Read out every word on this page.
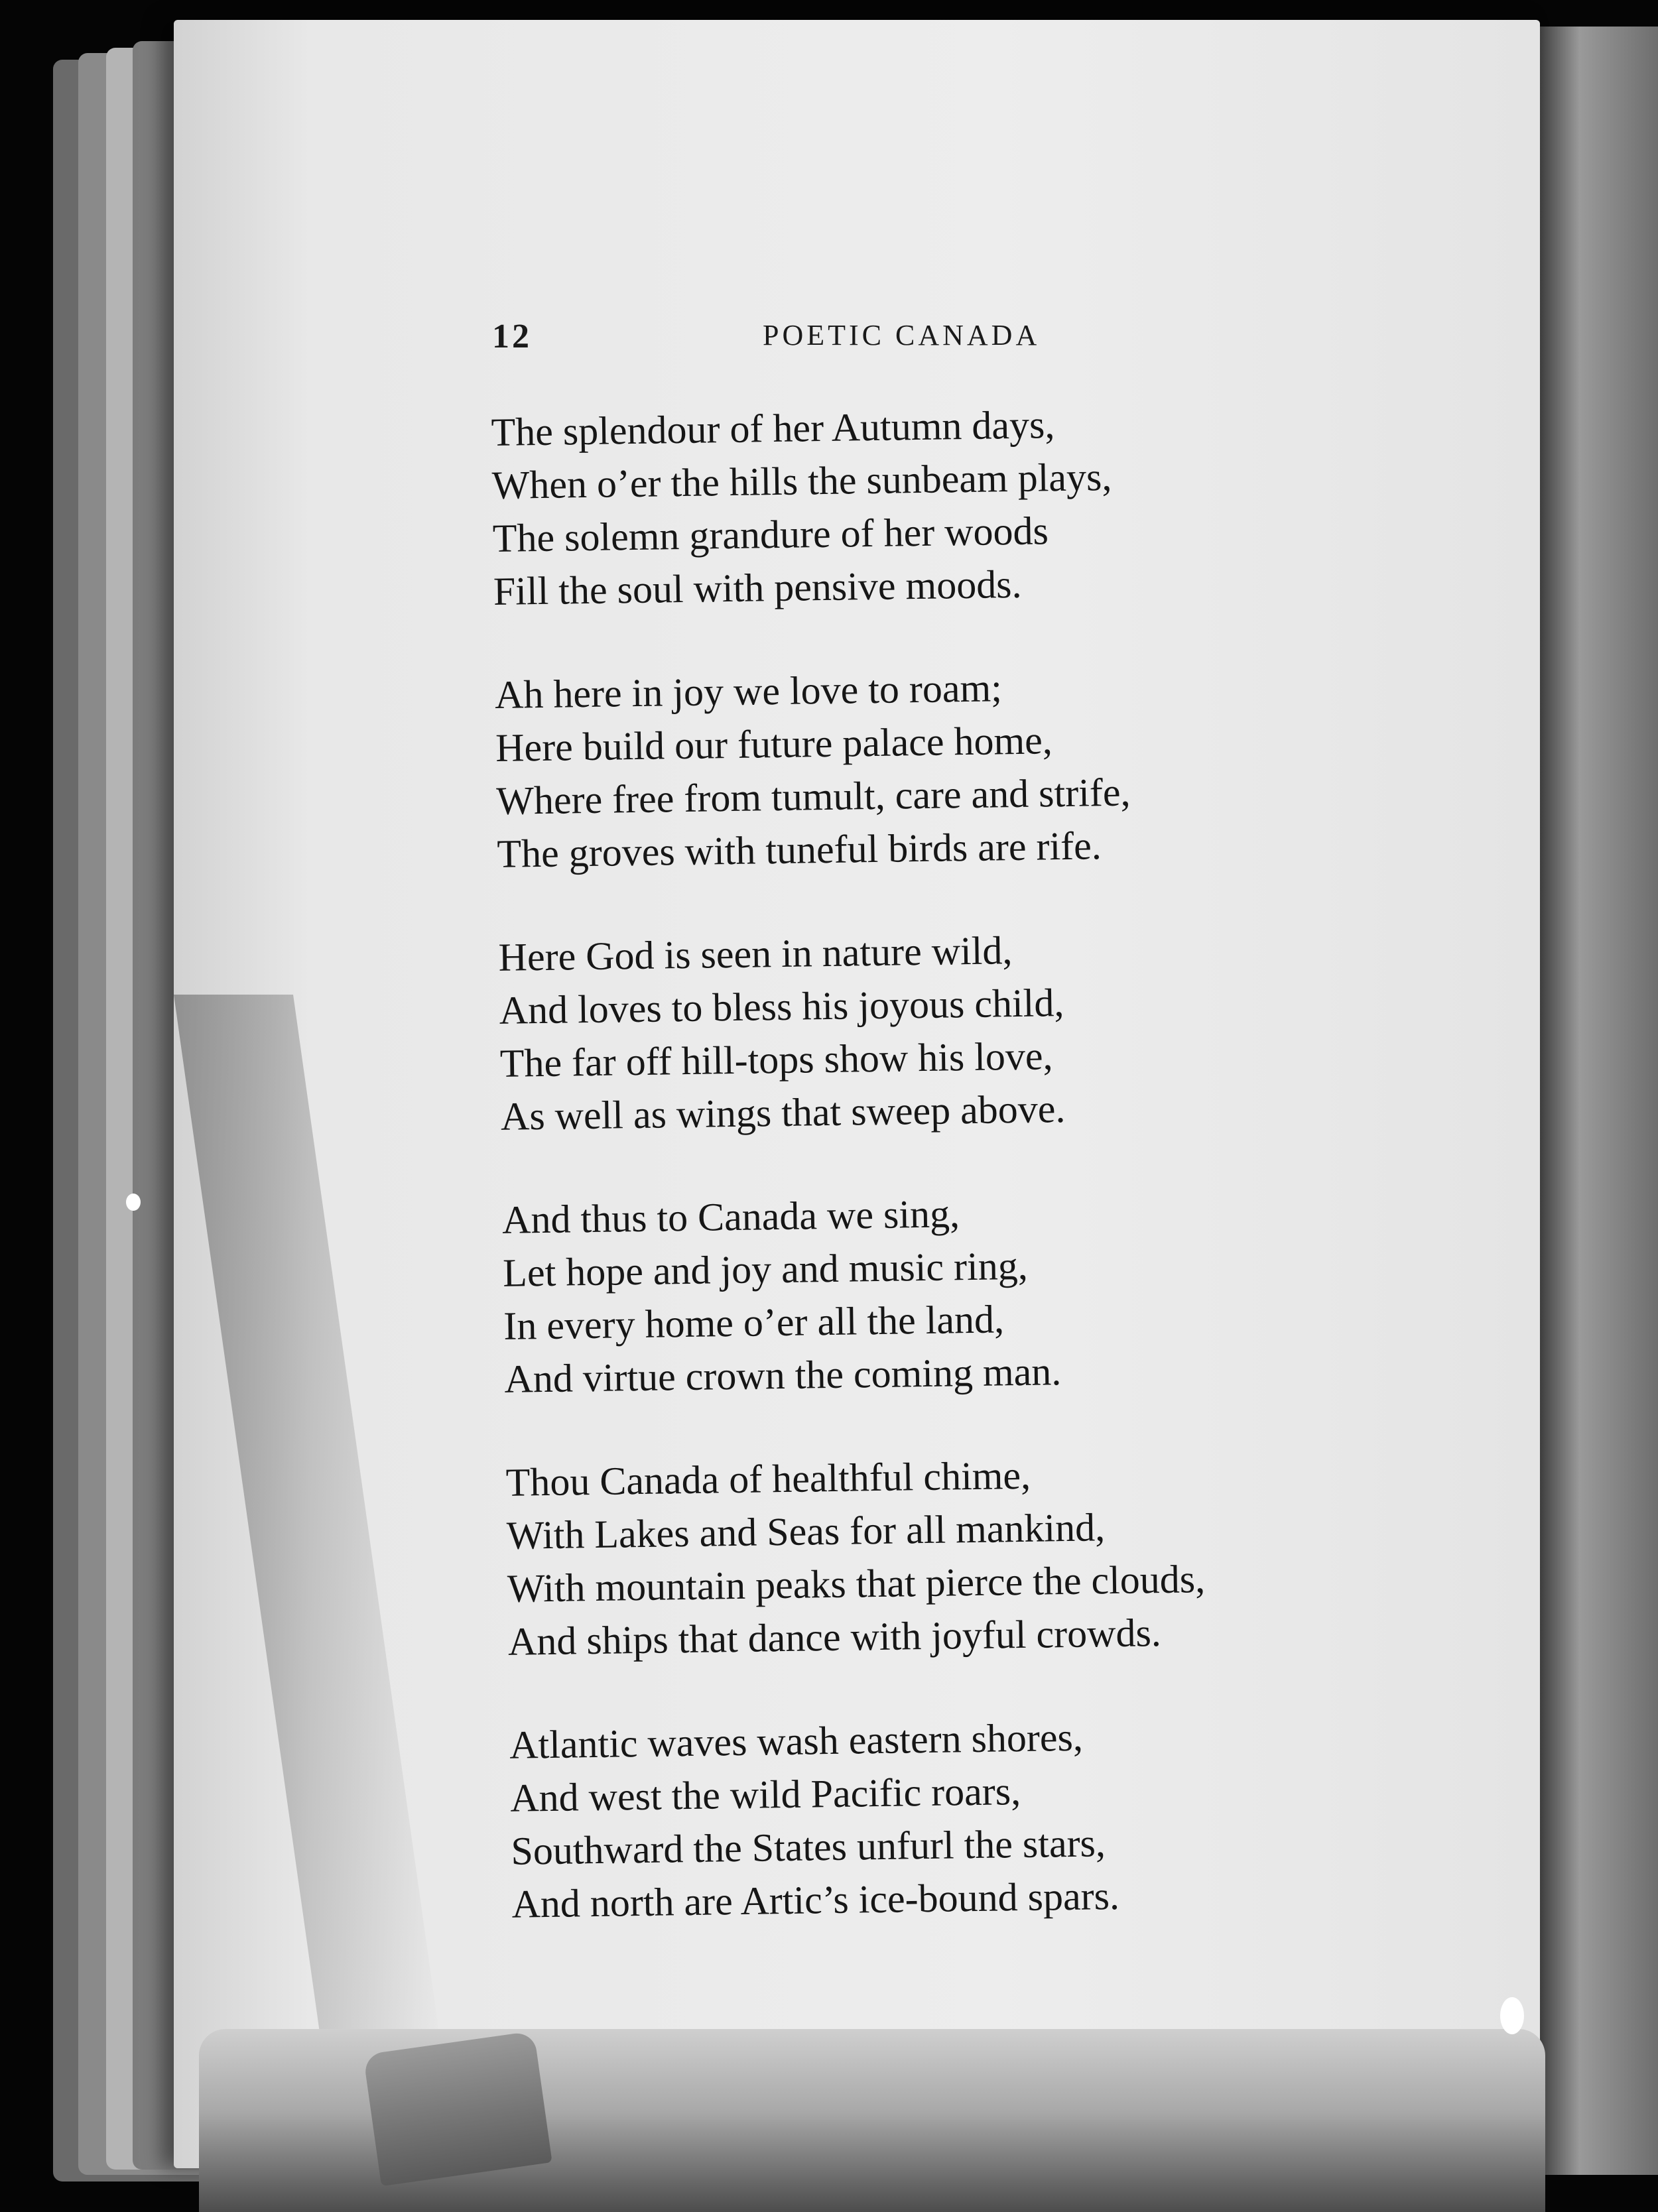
12	POETIC CANADA
The splendour of her Autumn days,
When o’er the hills the sunbeam plays,
The solemn grandure of her woods
Fill the soul with pensive moods.
Ah here in joy we love to roam;
Here build our future palace home,
Where free from tumult, care and strife,
The groves with tuneful birds are rife.
Here God is seen in nature wild,
And loves to bless his joyous child,
The far off hill-tops show his love,
As well as wings that sweep above.
And thus to Canada we sing,
Let hope and joy and music ring,
In every home o’er all the land,
And virtue crown the coming man.
Thou Canada of healthful chime,
With Lakes and Seas for all mankind,
With mountain peaks that pierce the clouds,
And ships that dance with joyful crowds.
Atlantic waves wash eastern shores,
And west the wild Pacific roars,
Southward the States unfurl the stars,
And north are Artic’s ice-bound spars.
